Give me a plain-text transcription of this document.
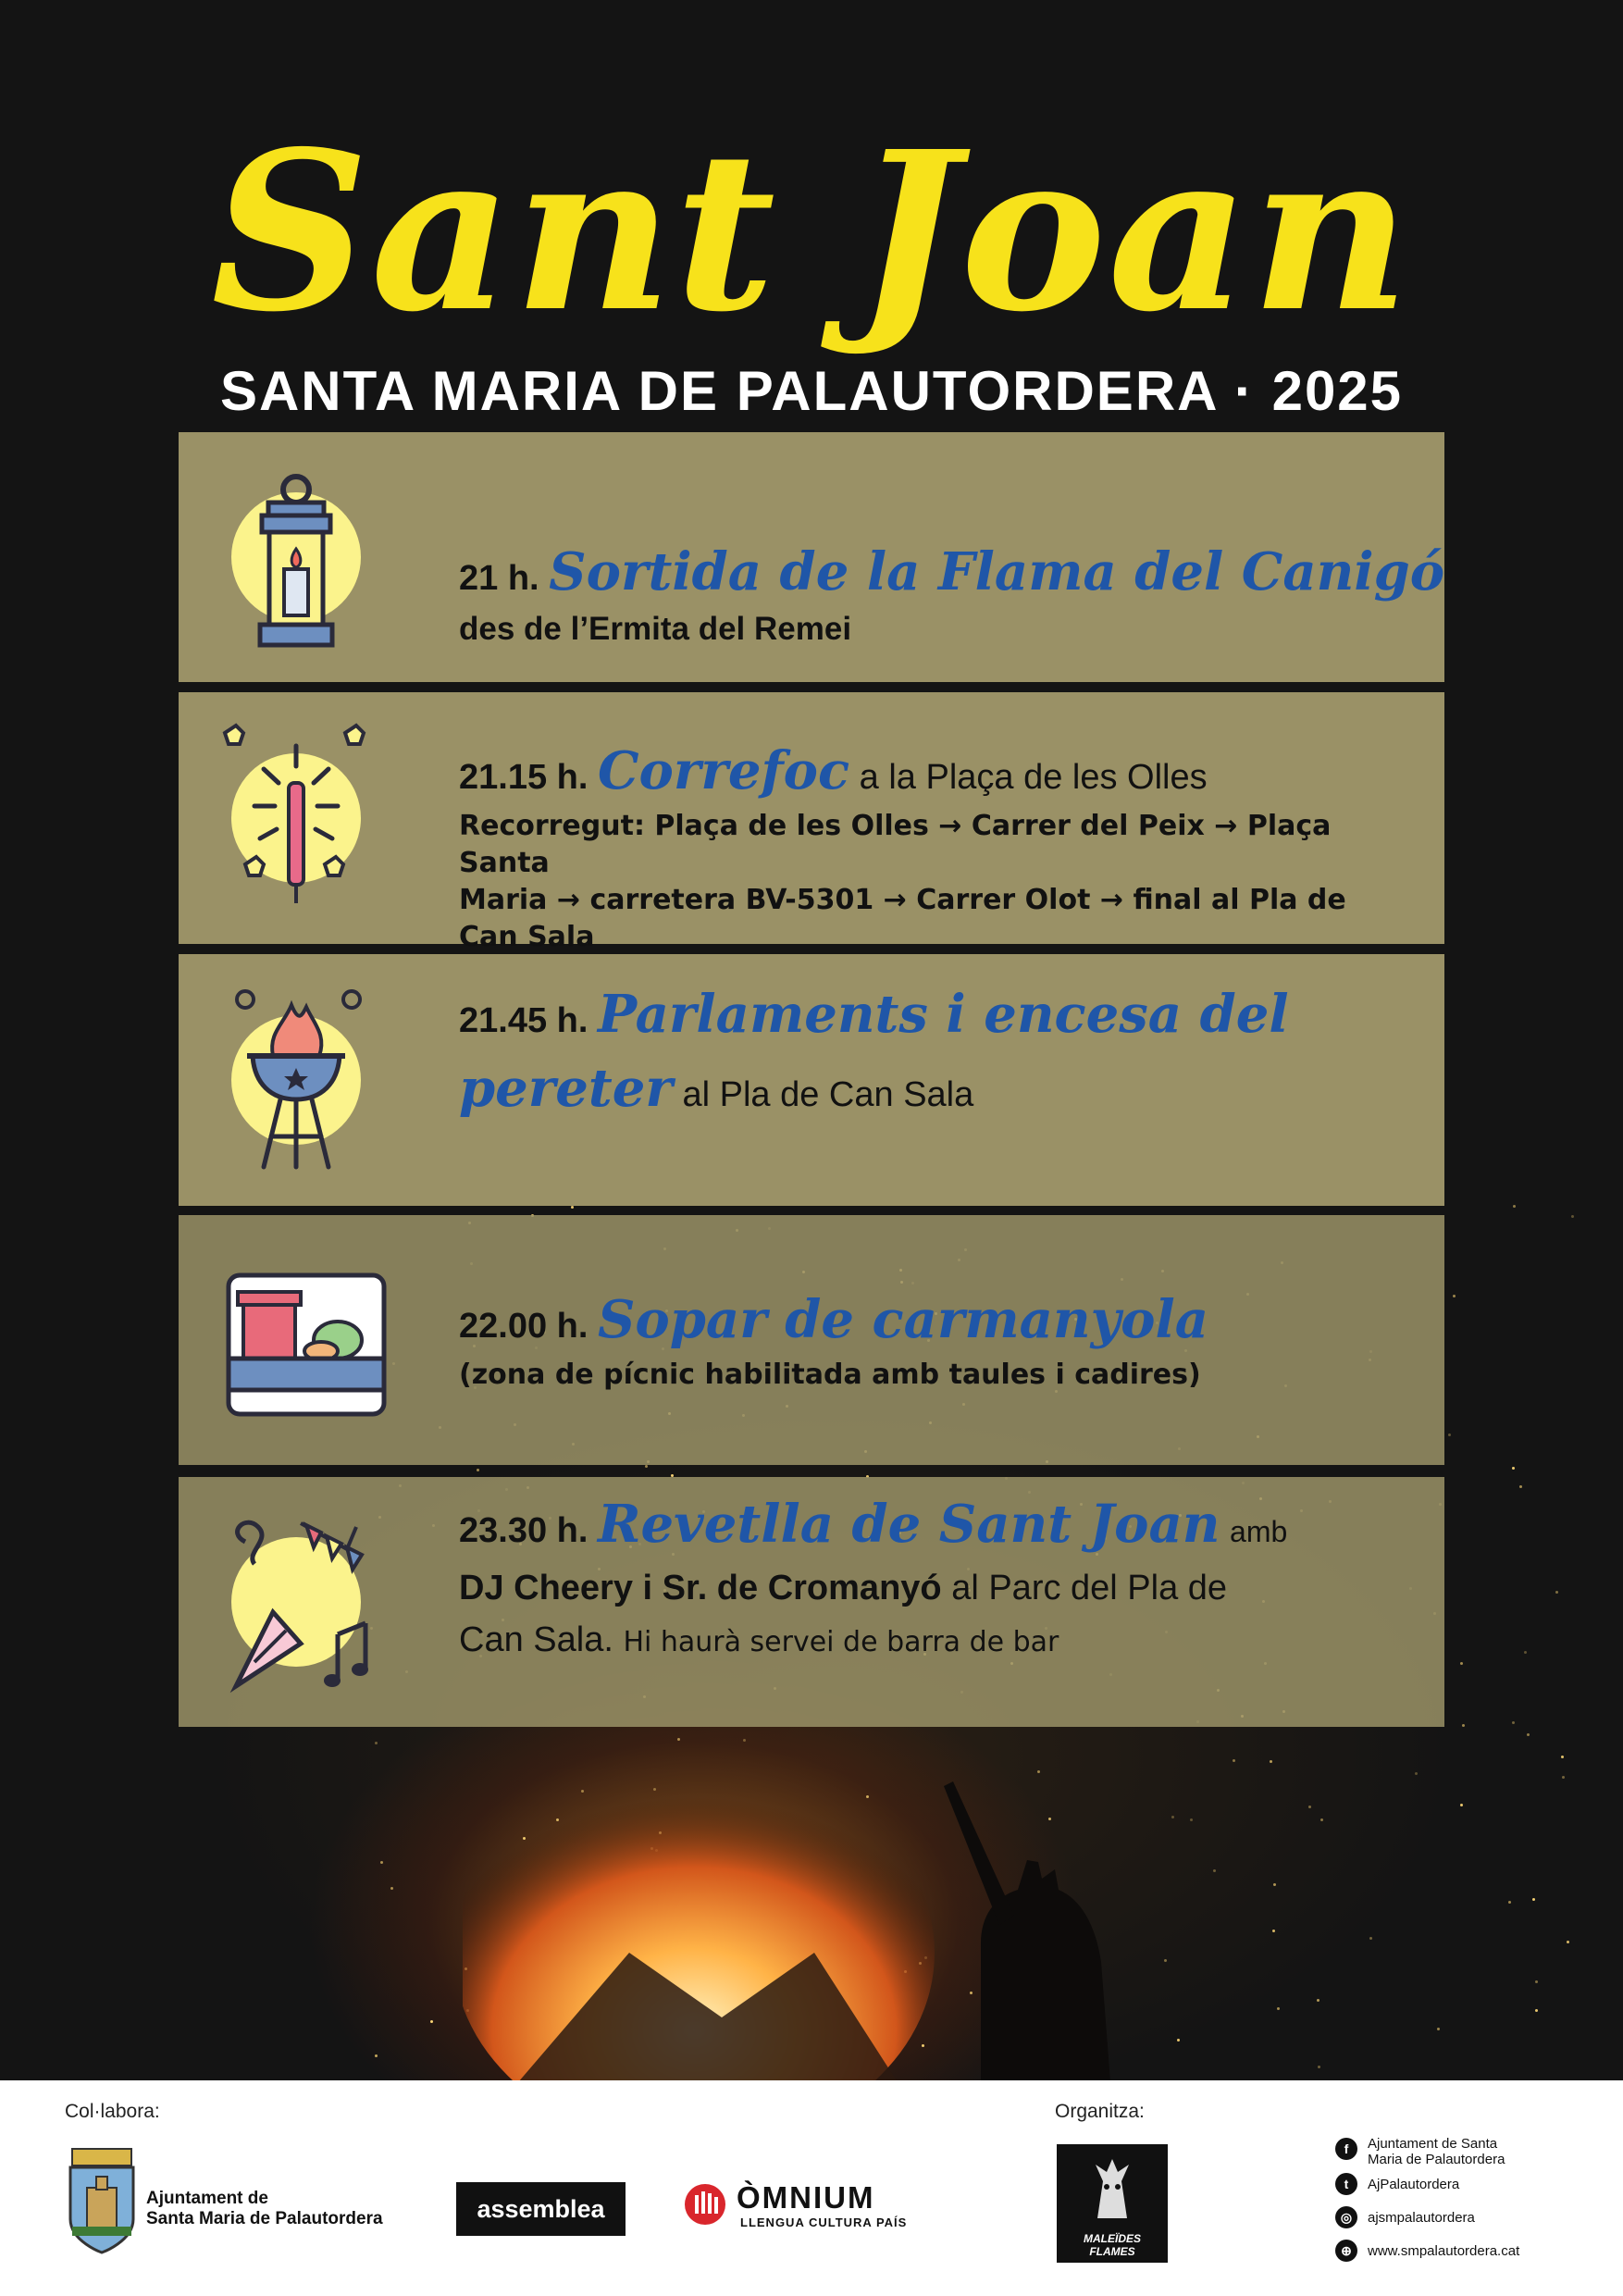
Sant Joan
SANTA MARIA DE PALAUTORDERA · 2025
21 h. Sortida de la Flama del Canigó
des de l’Ermita del Remei
21.15 h. Correfoc a la Plaça de les Olles
Recorregut: Plaça de les Olles → Carrer del Peix → Plaça Santa
Maria → carretera BV-5301 → Carrer Olot → final al Pla de Can Sala
21.45 h. Parlaments i encesa del
pereter al Pla de Can Sala
22.00 h. Sopar de carmanyola
(zona de pícnic habilitada amb taules i cadires)
23.30 h. Revetlla de Sant Joan amb
DJ Cheery i Sr. de Cromanyó al Parc del Pla de
Can Sala. Hi haurà servei de barra de bar
Col·labora:	Organitza:
Ajuntament de
Santa Maria de Palautordera	assemblea	ÒMNIUM
LLENGUA CULTURA PAÍS
MALEÏDES
FLAMES
f	Ajuntament de Santa
Maria de Palautordera
t	AjPalautordera
◎	ajsmpalautordera
⊕	www.smpalautordera.cat
